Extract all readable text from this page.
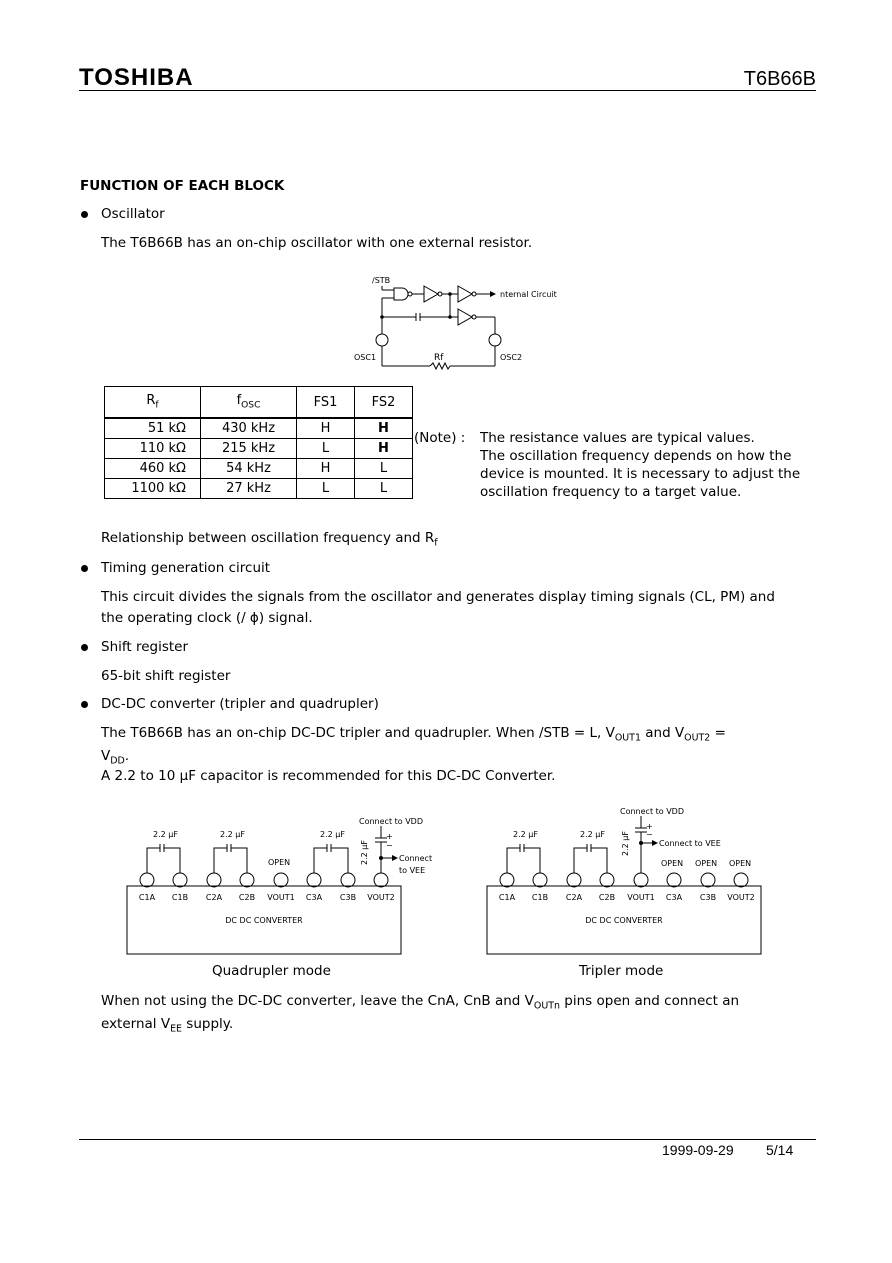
TOSHIBA	T6B66B
FUNCTION OF EACH BLOCK
Oscillator
The T6B66B has an on-chip oscillator with one external resistor.
/STB
nternal Circuit
OSC1	OSC2
Rf
$R_f$	$f_{OSC}$	FS1	FS2
51 kΩ	430 kHz	H	H
110 kΩ	215 kHz	L	H
460 kΩ	54 kHz	H	L
1100 kΩ	27 kHz	L	L
(Note) : The resistance values are typical values.
The oscillation frequency depends on how the
device is mounted. It is necessary to adjust the
oscillation frequency to a target value.
Relationship between oscillation frequency and $R_f$
Timing generation circuit
This circuit divides the signals from the oscillator and generates display timing signals (CL, PM) and
the operating clock (/ ϕ) signal.
Shift register
65-bit shift register
DC-DC converter (tripler and quadrupler)
The T6B66B has an on-chip DC-DC tripler and quadrupler. When /STB = L, $V_{OUT1}$ and $V_{OUT2}$ =
$V_{DD}$.
A 2.2 to 10 μF capacitor is recommended for this DC-DC Converter.
2.2 μF	2.2 μF	2.2 μF
2.2 μF
+
−
Connect to VDD
Connect
to VEE
OPEN
C1A C1B C2A C2B VOUT1 C3A C3B VOUT2
DC DC CONVERTER
Quadrupler mode
2.2 μF	2.2 μF 2.2 μF
+
−
Connect to VDD
Connect to VEE
OPEN OPEN OPEN
C1A C1B C2A C2B VOUT1 C3A C3B VOUT2
DC DC CONVERTER
Tripler mode
When not using the DC-DC converter, leave the CnA, CnB and $V_{OUTn}$ pins open and connect an
external $V_{EE}$ supply.
1999-09-29 5/14
